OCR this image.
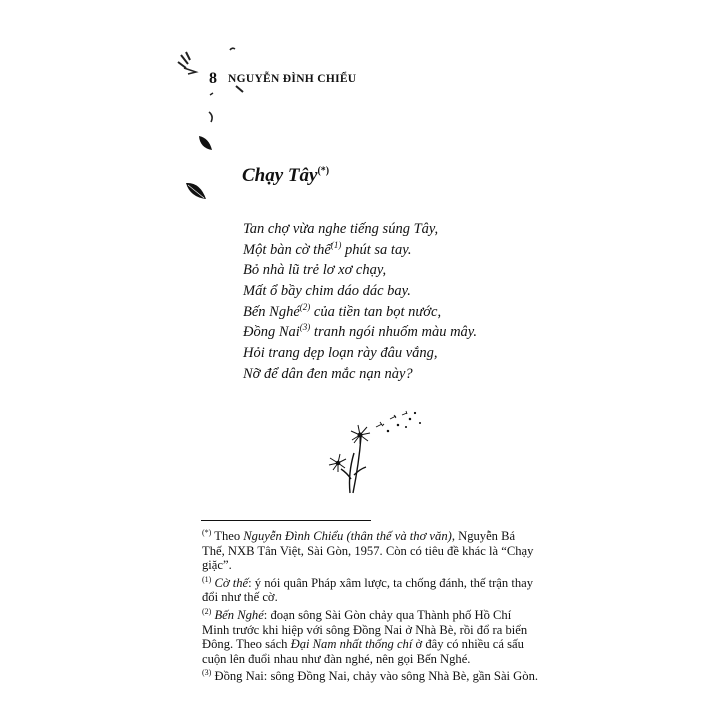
8 NGUYỄN ĐÌNH CHIỂU
Chạy Tây(*)
Tan chợ vừa nghe tiếng súng Tây,
Một bàn cờ thế$^{(1)}$ phút sa tay.
Bỏ nhà lũ trẻ lơ xơ chạy,
Mất ổ bầy chim dáo dác bay.
Bến Nghé$^{(2)}$ của tiền tan bọt nước,
Đồng Nai$^{(3)}$ tranh ngói nhuốm màu mây.
Hỏi trang dẹp loạn rày đâu vắng,
Nỡ để dân đen mắc nạn này?

(*) Theo Nguyễn Đình Chiểu (thân thế và thơ văn), Nguyễn Bá Thế, NXB Tân Việt, Sài Gòn, 1957. Còn có tiêu đề khác là “Chạy giặc”.

$^{(1)}$ Cờ thế: ý nói quân Pháp xâm lược, ta chống đánh, thế trận thay đổi như thế cờ.

$^{(2)}$ Bến Nghé: đoạn sông Sài Gòn chảy qua Thành phố Hồ Chí Minh trước khi hiệp với sông Đồng Nai ở Nhà Bè, rồi đổ ra biển Đông. Theo sách Đại Nam nhất thống chí ở đây có nhiều cá sấu cuộn lên đuổi nhau như đàn nghé, nên gọi Bến Nghé.

$^{(3)}$ Đồng Nai: sông Đồng Nai, chảy vào sông Nhà Bè, gần Sài Gòn.
